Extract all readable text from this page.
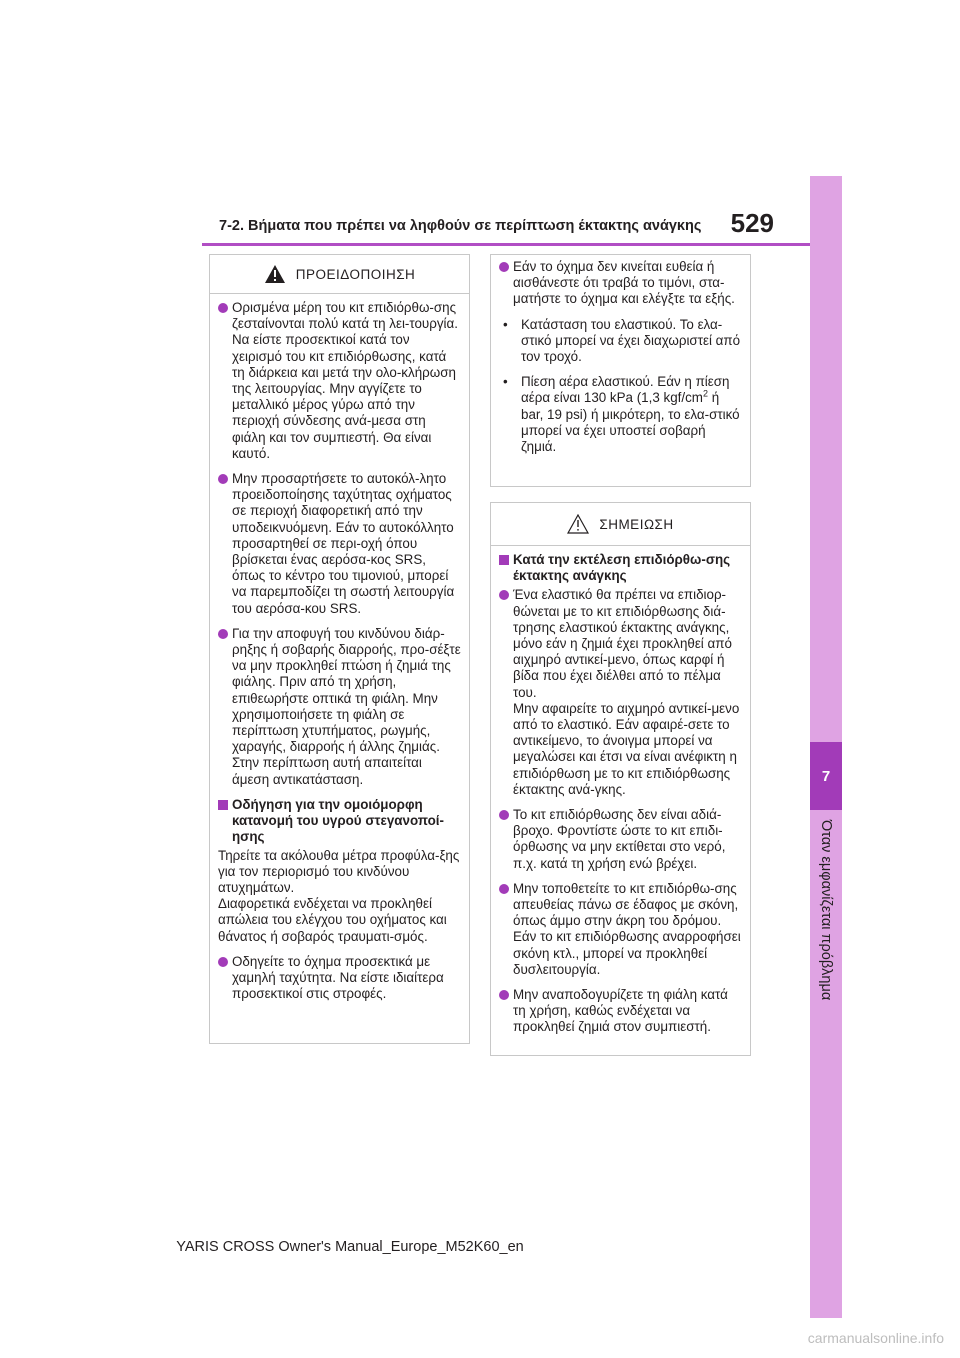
7-2. Βήματα που πρέπει να ληφθούν σε περίπτωση έκτακτης ανάγκης	529
7
Όταν εμφανίζεται πρόβλημα
ΠΡΟΕΙΔΟΠΟΙΗΣΗ
Ορισμένα μέρη του κιτ επιδιόρθω-σης ζεσταίνονται πολύ κατά τη λει-τουργία. Να είστε προσεκτικοί κατά τον χειρισμό του κιτ επιδιόρθωσης, κατά τη διάρκεια και μετά την ολο-κλήρωση της λειτουργίας. Μην αγγίζετε το μεταλλικό μέρος γύρω από την περιοχή σύνδεσης ανά-μεσα στη φιάλη και τον συμπιεστή. Θα είναι καυτό.
Μην προσαρτήσετε το αυτοκόλ-λητο προειδοποίησης ταχύτητας οχήματος σε περιοχή διαφορετική από την υποδεικνυόμενη. Εάν το αυτοκόλλητο προσαρτηθεί σε περι-οχή όπου βρίσκεται ένας αερόσα-κος SRS, όπως το κέντρο του τιμονιού, μπορεί να παρεμποδίζει τη σωστή λειτουργία του αερόσα-κου SRS.
Για την αποφυγή του κινδύνου διάρ-ρηξης ή σοβαρής διαρροής, προ-σέξτε να μην προκληθεί πτώση ή ζημιά της φιάλης. Πριν από τη χρήση, επιθεωρήστε οπτικά τη φιάλη. Μην χρησιμοποιήσετε τη φιάλη σε περίπτωση χτυπήματος, ρωγμής, χαραγής, διαρροής ή άλλης ζημιάς. Στην περίπτωση αυτή απαιτείται άμεση αντικατάσταση.
Οδήγηση για την ομοιόμορφη κατανομή του υγρού στεγανοποί-ησης
Τηρείτε τα ακόλουθα μέτρα προφύλα-ξης για τον περιορισμό του κινδύνου ατυχημάτων.
Διαφορετικά ενδέχεται να προκληθεί απώλεια του ελέγχου του οχήματος και θάνατος ή σοβαρός τραυματι-σμός.
Οδηγείτε το όχημα προσεκτικά με χαμηλή ταχύτητα. Να είστε ιδιαίτερα προσεκτικοί στις στροφές.
Εάν το όχημα δεν κινείται ευθεία ή αισθάνεστε ότι τραβά το τιμόνι, στα-ματήστε το όχημα και ελέγξτε τα εξής.
• Κατάσταση του ελαστικού. Το ελα-στικό μπορεί να έχει διαχωριστεί από τον τροχό.
• Πίεση αέρα ελαστικού. Εάν η πίεση αέρα είναι 130 kPa (1,3 kgf/$cm^2$ ή bar, 19 psi) ή μικρότερη, το ελα-στικό μπορεί να έχει υποστεί σοβαρή ζημιά.
ΣΗΜΕΙΩΣΗ
Κατά την εκτέλεση επιδιόρθω-σης έκτακτης ανάγκης
Ένα ελαστικό θα πρέπει να επιδιορ-θώνεται με το κιτ επιδιόρθωσης διά-τρησης ελαστικού έκτακτης ανάγκης, μόνο εάν η ζημιά έχει προκληθεί από αιχμηρό αντικεί-μενο, όπως καρφί ή βίδα που έχει διέλθει από το πέλμα του.
Μην αφαιρείτε το αιχμηρό αντικεί-μενο από το ελαστικό. Εάν αφαιρέ-σετε το αντικείμενο, το άνοιγμα μπορεί να μεγαλώσει και έτσι να είναι ανέφικτη η επιδιόρθωση με το κιτ επιδιόρθωσης έκτακτης ανά-γκης.
Το κιτ επιδιόρθωσης δεν είναι αδιά-βροχο. Φροντίστε ώστε το κιτ επιδι-όρθωσης να μην εκτίθεται στο νερό, π.χ. κατά τη χρήση ενώ βρέχει.
Μην τοποθετείτε το κιτ επιδιόρθω-σης απευθείας πάνω σε έδαφος με σκόνη, όπως άμμο στην άκρη του δρόμου. Εάν το κιτ επιδιόρθωσης αναρροφήσει σκόνη κτλ., μπορεί να προκληθεί δυσλειτουργία.
Μην αναποδογυρίζετε τη φιάλη κατά τη χρήση, καθώς ενδέχεται να προκληθεί ζημιά στον συμπιεστή.
YARIS CROSS Owner's Manual_Europe_M52K60_en
carmanualsonline.info
